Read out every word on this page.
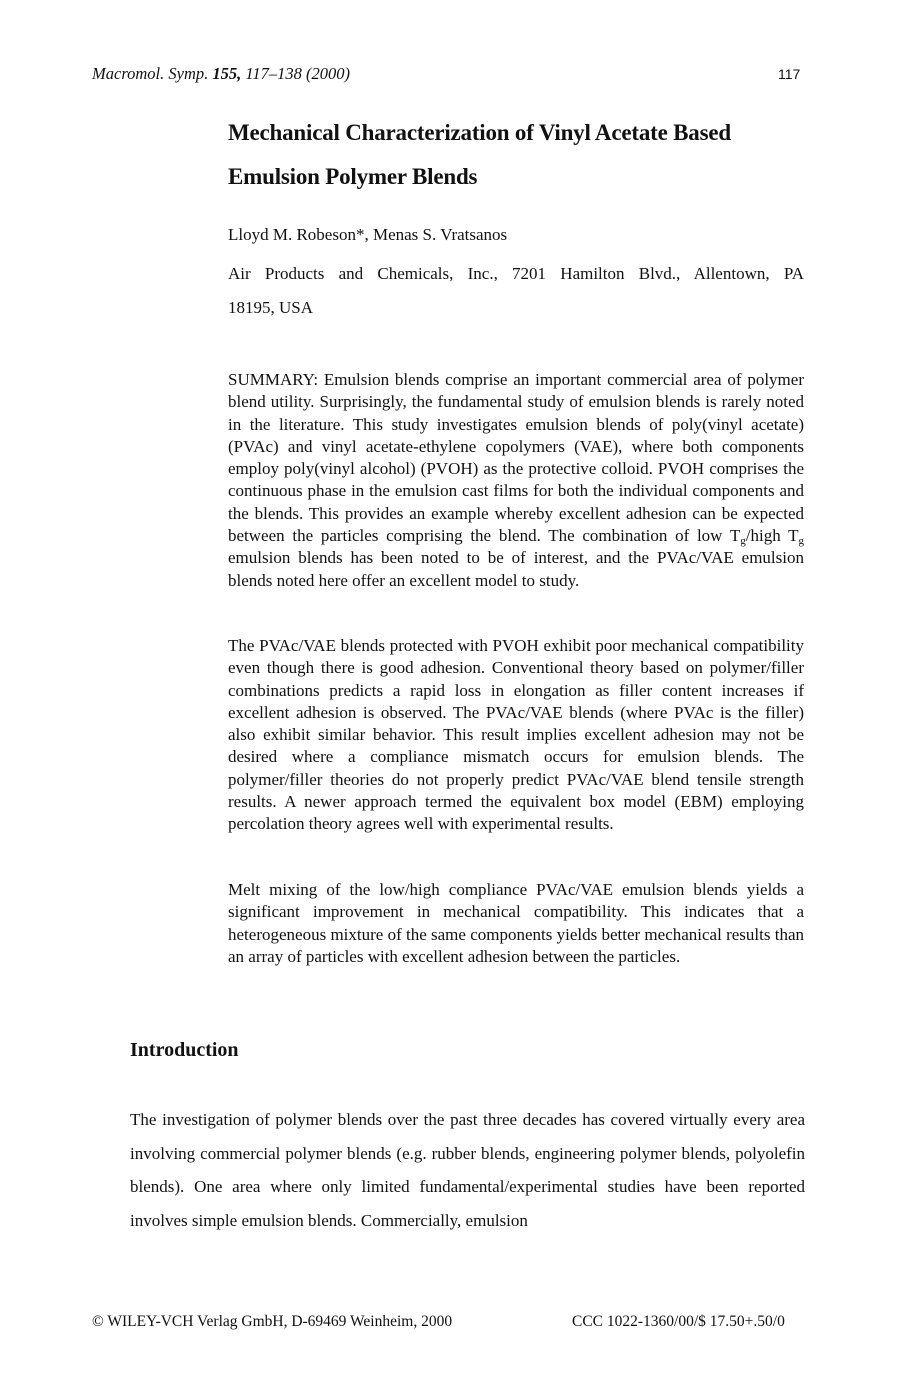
Macromol. Symp. 155, 117–138 (2000)	117
Mechanical Characterization of Vinyl Acetate Based Emulsion Polymer Blends
Lloyd M. Robeson*, Menas S. Vratsanos
Air Products and Chemicals, Inc., 7201 Hamilton Blvd., Allentown, PA
18195, USA

SUMMARY: Emulsion blends comprise an important commercial area of polymer blend utility. Surprisingly, the fundamental study of emulsion blends is rarely noted in the literature. This study investigates emulsion blends of poly(vinyl acetate) (PVAc) and vinyl acetate-ethylene copolymers (VAE), where both components employ poly(vinyl alcohol) (PVOH) as the protective colloid. PVOH comprises the continuous phase in the emulsion cast films for both the individual components and the blends. This provides an example whereby excellent adhesion can be expected between the particles comprising the blend. The combination of low $T_g$/high $T_g$ emulsion blends has been noted to be of interest, and the PVAc/VAE emulsion blends noted here offer an excellent model to study.

The PVAc/VAE blends protected with PVOH exhibit poor mechanical compatibility even though there is good adhesion. Conventional theory based on polymer/filler combinations predicts a rapid loss in elongation as filler content increases if excellent adhesion is observed. The PVAc/VAE blends (where PVAc is the filler) also exhibit similar behavior. This result implies excellent adhesion may not be desired where a compliance mismatch occurs for emulsion blends. The polymer/filler theories do not properly predict PVAc/VAE blend tensile strength results. A newer approach termed the equivalent box model (EBM) employing percolation theory agrees well with experimental results.

Melt mixing of the low/high compliance PVAc/VAE emulsion blends yields a significant improvement in mechanical compatibility. This indicates that a heterogeneous mixture of the same components yields better mechanical results than an array of particles with excellent adhesion between the particles.

Introduction

The investigation of polymer blends over the past three decades has covered virtually every area involving commercial polymer blends (e.g. rubber blends, engineering polymer blends, polyolefin blends). One area where only limited fundamental/experimental studies have been reported involves simple emulsion blends. Commercially, emulsion

© WILEY-VCH Verlag GmbH, D-69469 Weinheim, 2000	CCC 1022-1360/00/$ 17.50+.50/0
